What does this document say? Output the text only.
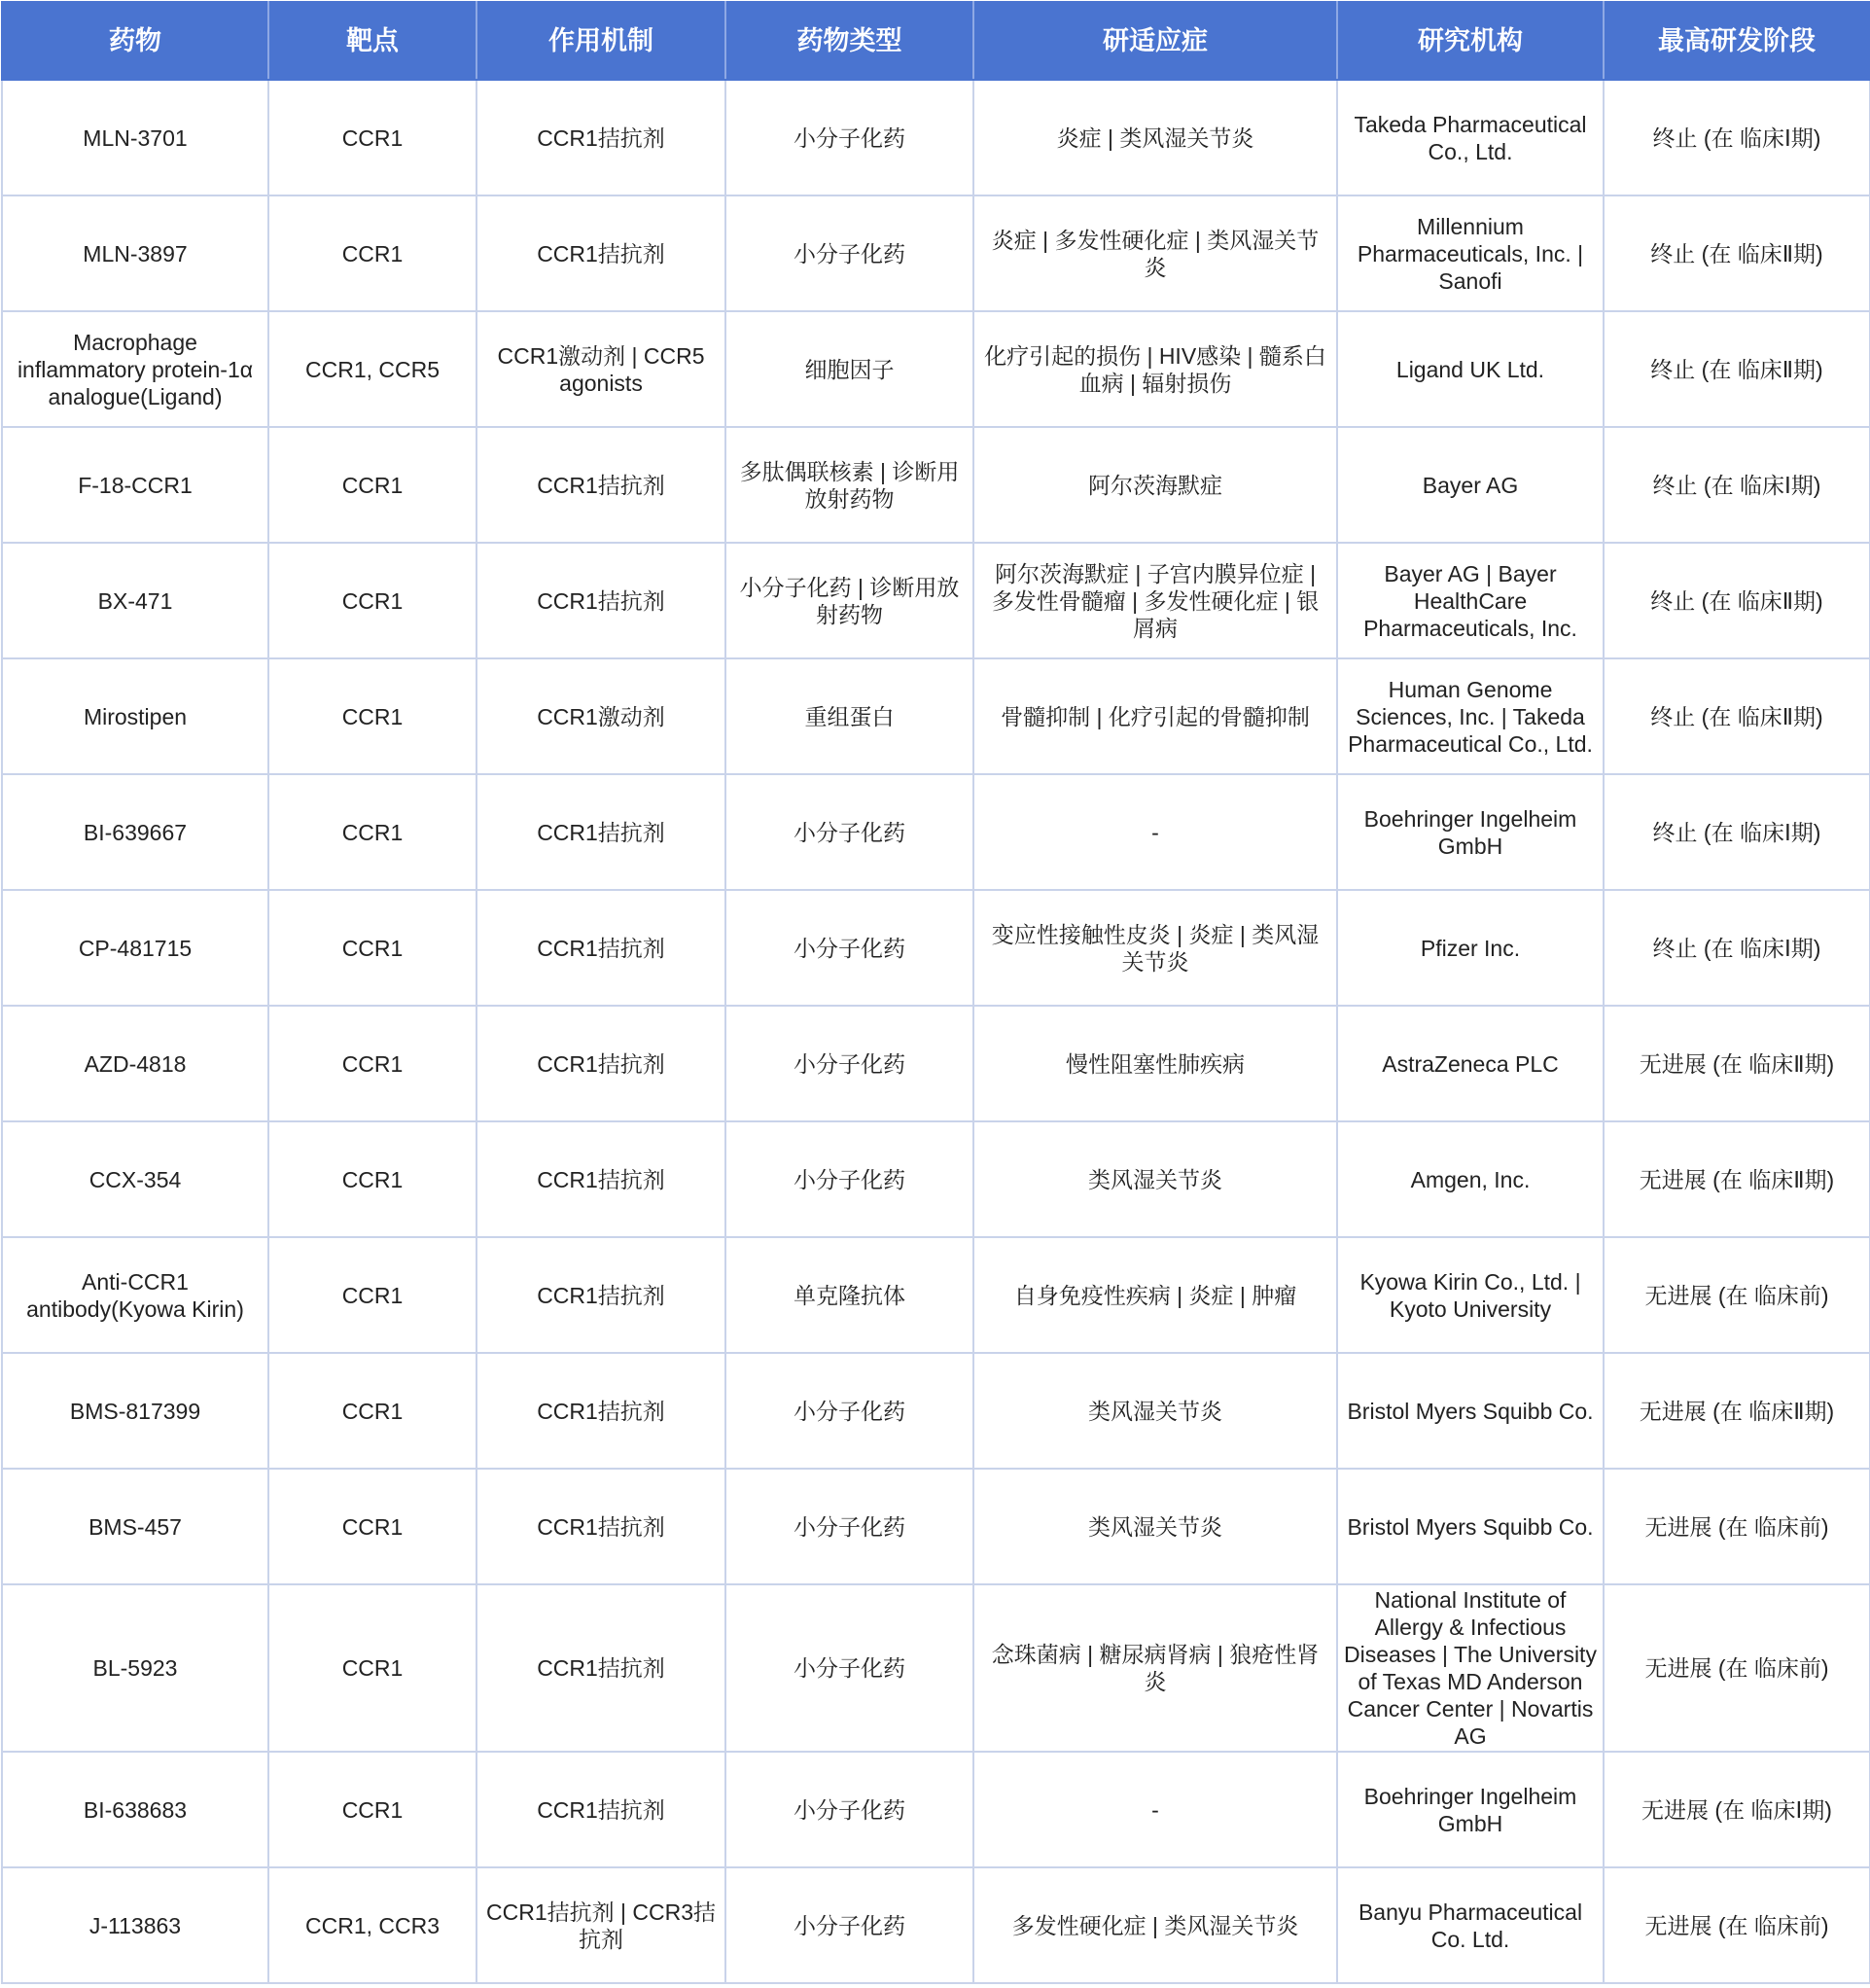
药物	靶点	作用机制	药物类型	研适应症	研究机构	最高研发阶段
MLN-3701	CCR1	CCR1拮抗剂	小分子化药	炎症 | 类风湿关节炎	Takeda Pharmaceutical Co., Ltd.	终止 (在 临床Ⅰ期)
MLN-3897	CCR1	CCR1拮抗剂	小分子化药	炎症 | 多发性硬化症 | 类风湿关节炎	Millennium Pharmaceuticals, Inc. | Sanofi	终止 (在 临床Ⅱ期)
Macrophage inflammatory protein-1α analogue(Ligand)	CCR1, CCR5	CCR1激动剂 | CCR5 agonists	细胞因子	化疗引起的损伤 | HIV感染 | 髓系白血病 | 辐射损伤	Ligand UK Ltd.	终止 (在 临床Ⅱ期)
F-18-CCR1	CCR1	CCR1拮抗剂	多肽偶联核素 | 诊断用放射药物	阿尔茨海默症	Bayer AG	终止 (在 临床Ⅰ期)
BX-471	CCR1	CCR1拮抗剂	小分子化药 | 诊断用放射药物	阿尔茨海默症 | 子宫内膜异位症 | 多发性骨髓瘤 | 多发性硬化症 | 银屑病	Bayer AG | Bayer HealthCare Pharmaceuticals, Inc.	终止 (在 临床Ⅱ期)
Mirostipen	CCR1	CCR1激动剂	重组蛋白	骨髓抑制 | 化疗引起的骨髓抑制	Human Genome Sciences, Inc. | Takeda Pharmaceutical Co., Ltd.	终止 (在 临床Ⅱ期)
BI-639667	CCR1	CCR1拮抗剂	小分子化药	-	Boehringer Ingelheim GmbH	终止 (在 临床Ⅰ期)
CP-481715	CCR1	CCR1拮抗剂	小分子化药	变应性接触性皮炎 | 炎症 | 类风湿关节炎	Pfizer Inc.	终止 (在 临床Ⅰ期)
AZD-4818	CCR1	CCR1拮抗剂	小分子化药	慢性阻塞性肺疾病	AstraZeneca PLC	无进展 (在 临床Ⅱ期)
CCX-354	CCR1	CCR1拮抗剂	小分子化药	类风湿关节炎	Amgen, Inc.	无进展 (在 临床Ⅱ期)
Anti-CCR1 antibody(Kyowa Kirin)	CCR1	CCR1拮抗剂	单克隆抗体	自身免疫性疾病 | 炎症 | 肿瘤	Kyowa Kirin Co., Ltd. | Kyoto University	无进展 (在 临床前)
BMS-817399	CCR1	CCR1拮抗剂	小分子化药	类风湿关节炎	Bristol Myers Squibb Co.	无进展 (在 临床Ⅱ期)
BMS-457	CCR1	CCR1拮抗剂	小分子化药	类风湿关节炎	Bristol Myers Squibb Co.	无进展 (在 临床前)
BL-5923	CCR1	CCR1拮抗剂	小分子化药	念珠菌病 | 糖尿病肾病 | 狼疮性肾炎	National Institute of Allergy & Infectious Diseases | The University of Texas MD Anderson Cancer Center | Novartis AG	无进展 (在 临床前)
BI-638683	CCR1	CCR1拮抗剂	小分子化药	-	Boehringer Ingelheim GmbH	无进展 (在 临床Ⅰ期)
J-113863	CCR1, CCR3	CCR1拮抗剂 | CCR3拮抗剂	小分子化药	多发性硬化症 | 类风湿关节炎	Banyu Pharmaceutical Co. Ltd.	无进展 (在 临床前)
